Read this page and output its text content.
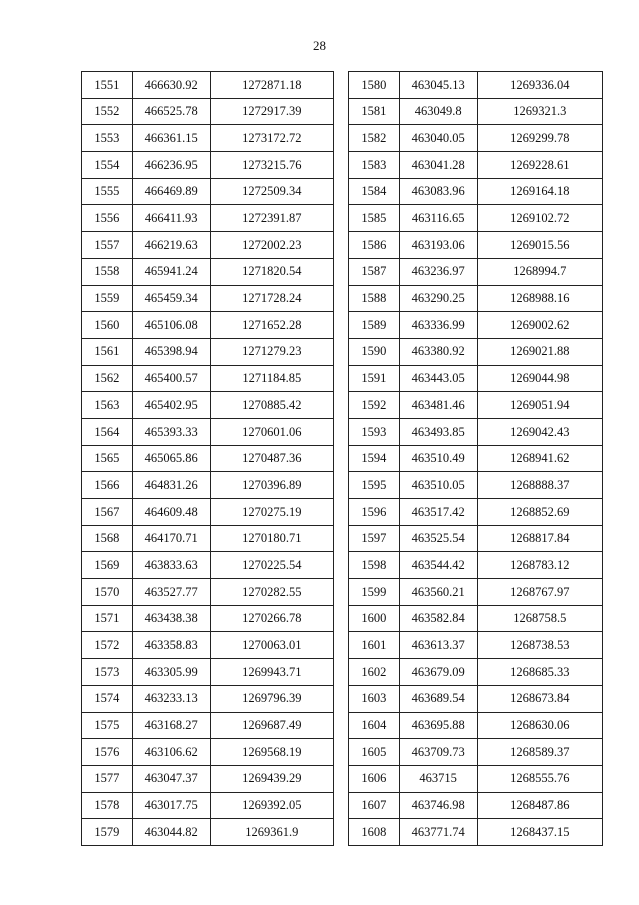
28
1551	466630.92	1272871.18
1552	466525.78	1272917.39
1553	466361.15	1273172.72
1554	466236.95	1273215.76
1555	466469.89	1272509.34
1556	466411.93	1272391.87
1557	466219.63	1272002.23
1558	465941.24	1271820.54
1559	465459.34	1271728.24
1560	465106.08	1271652.28
1561	465398.94	1271279.23
1562	465400.57	1271184.85
1563	465402.95	1270885.42
1564	465393.33	1270601.06
1565	465065.86	1270487.36
1566	464831.26	1270396.89
1567	464609.48	1270275.19
1568	464170.71	1270180.71
1569	463833.63	1270225.54
1570	463527.77	1270282.55
1571	463438.38	1270266.78
1572	463358.83	1270063.01
1573	463305.99	1269943.71
1574	463233.13	1269796.39
1575	463168.27	1269687.49
1576	463106.62	1269568.19
1577	463047.37	1269439.29
1578	463017.75	1269392.05
1579	463044.82	1269361.9
1580	463045.13	1269336.04
1581	463049.8	1269321.3
1582	463040.05	1269299.78
1583	463041.28	1269228.61
1584	463083.96	1269164.18
1585	463116.65	1269102.72
1586	463193.06	1269015.56
1587	463236.97	1268994.7
1588	463290.25	1268988.16
1589	463336.99	1269002.62
1590	463380.92	1269021.88
1591	463443.05	1269044.98
1592	463481.46	1269051.94
1593	463493.85	1269042.43
1594	463510.49	1268941.62
1595	463510.05	1268888.37
1596	463517.42	1268852.69
1597	463525.54	1268817.84
1598	463544.42	1268783.12
1599	463560.21	1268767.97
1600	463582.84	1268758.5
1601	463613.37	1268738.53
1602	463679.09	1268685.33
1603	463689.54	1268673.84
1604	463695.88	1268630.06
1605	463709.73	1268589.37
1606	463715	1268555.76
1607	463746.98	1268487.86
1608	463771.74	1268437.15
